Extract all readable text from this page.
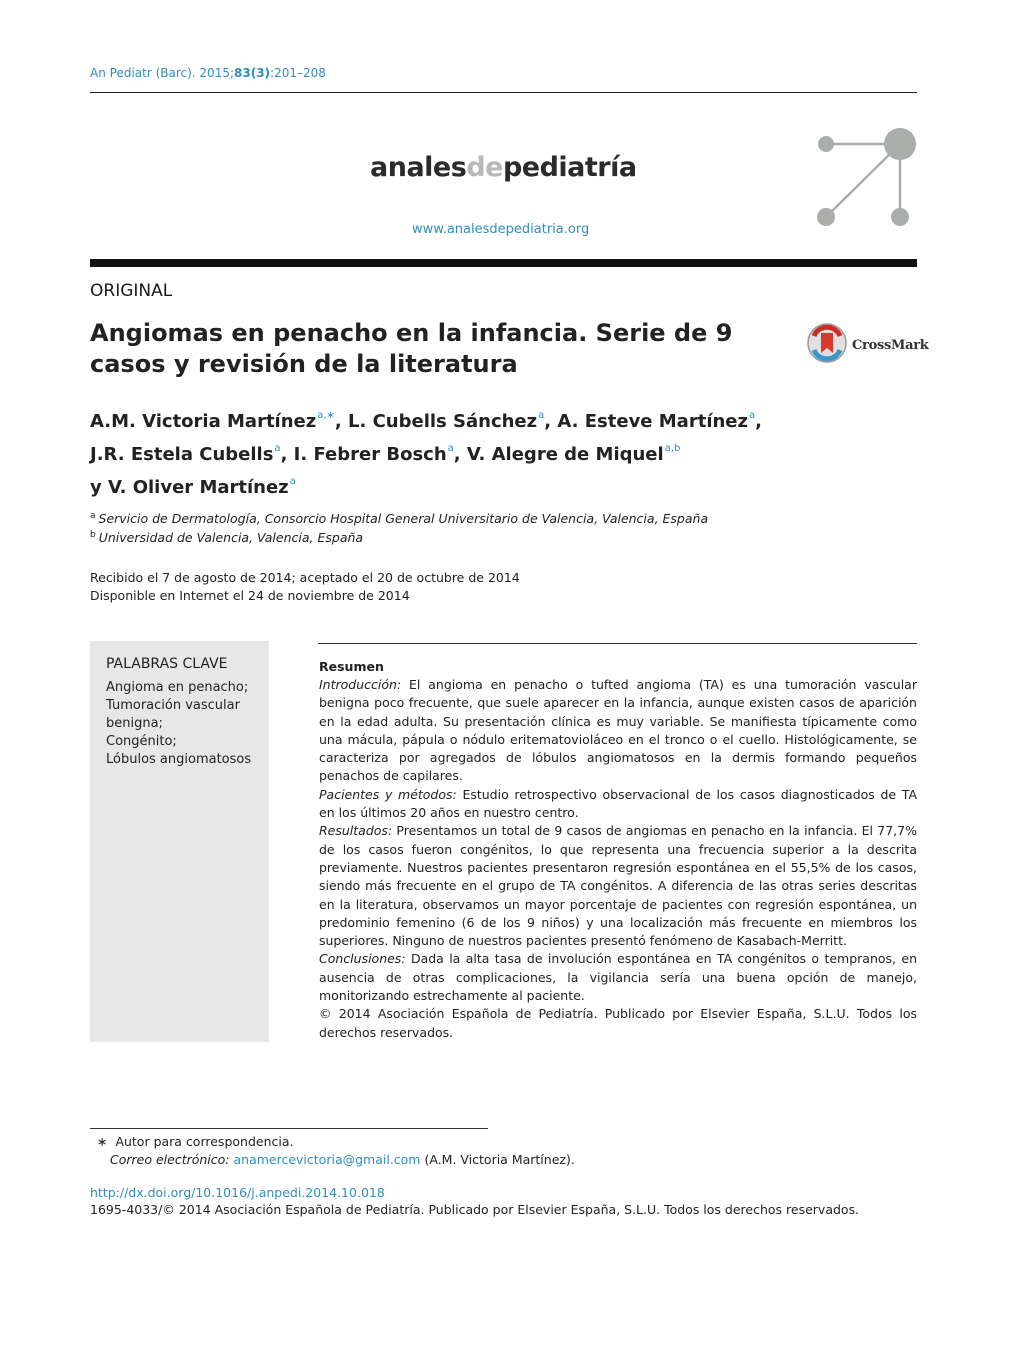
An Pediatr (Barc). 2015;83(3):201–208
analesdepediatría
www.analesdepediatria.org
ORIGINAL
Angiomas en penacho en la infancia. Serie de 9 casos y revisión de la literatura
CrossMark
A.M. Victoria Martínez$^{a,∗}$, L. Cubells Sánchez$^a$, A. Esteve Martínez$^a$,
J.R. Estela Cubells$^a$, I. Febrer Bosch$^a$, V. Alegre de Miquel$^{a,b}$
y V. Oliver Martínez$^a$
$^a$ Servicio de Dermatología, Consorcio Hospital General Universitario de Valencia, Valencia, España
$^b$ Universidad de Valencia, Valencia, España
Recibido el 7 de agosto de 2014; aceptado el 20 de octubre de 2014
Disponible en Internet el 24 de noviembre de 2014
PALABRAS CLAVE
Angioma en penacho;
Tumoración vascular benigna;
Congénito;
Lóbulos angiomatosos
Resumen

Introducción: El angioma en penacho o tufted angioma (TA) es una tumoración vascular benigna poco frecuente, que suele aparecer en la infancia, aunque existen casos de aparición en la edad adulta. Su presentación clínica es muy variable. Se manifiesta típicamente como una mácula, pápula o nódulo eritematovioláceo en el tronco o el cuello. Histológicamente, se caracteriza por agregados de lóbulos angiomatosos en la dermis formando pequeños penachos de capilares.

Pacientes y métodos: Estudio retrospectivo observacional de los casos diagnosticados de TA en los últimos 20 años en nuestro centro.

Resultados: Presentamos un total de 9 casos de angiomas en penacho en la infancia. El 77,7% de los casos fueron congénitos, lo que representa una frecuencia superior a la descrita previamente. Nuestros pacientes presentaron regresión espontánea en el 55,5% de los casos, siendo más frecuente en el grupo de TA congénitos. A diferencia de las otras series descritas en la literatura, observamos un mayor porcentaje de pacientes con regresión espontánea, un predominio femenino (6 de los 9 niños) y una localización más frecuente en miembros los superiores. Ninguno de nuestros pacientes presentó fenómeno de Kasabach-Merritt.

Conclusiones: Dada la alta tasa de involución espontánea en TA congénitos o tempranos, en ausencia de otras complicaciones, la vigilancia sería una buena opción de manejo, monitorizando estrechamente al paciente.

© 2014 Asociación Española de Pediatría. Publicado por Elsevier España, S.L.U. Todos los derechos reservados.

∗ Autor para correspondencia.
Correo electrónico: anamercevictoria@gmail.com (A.M. Victoria Martínez).
http://dx.doi.org/10.1016/j.anpedi.2014.10.018
1695-4033/© 2014 Asociación Española de Pediatría. Publicado por Elsevier España, S.L.U. Todos los derechos reservados.
